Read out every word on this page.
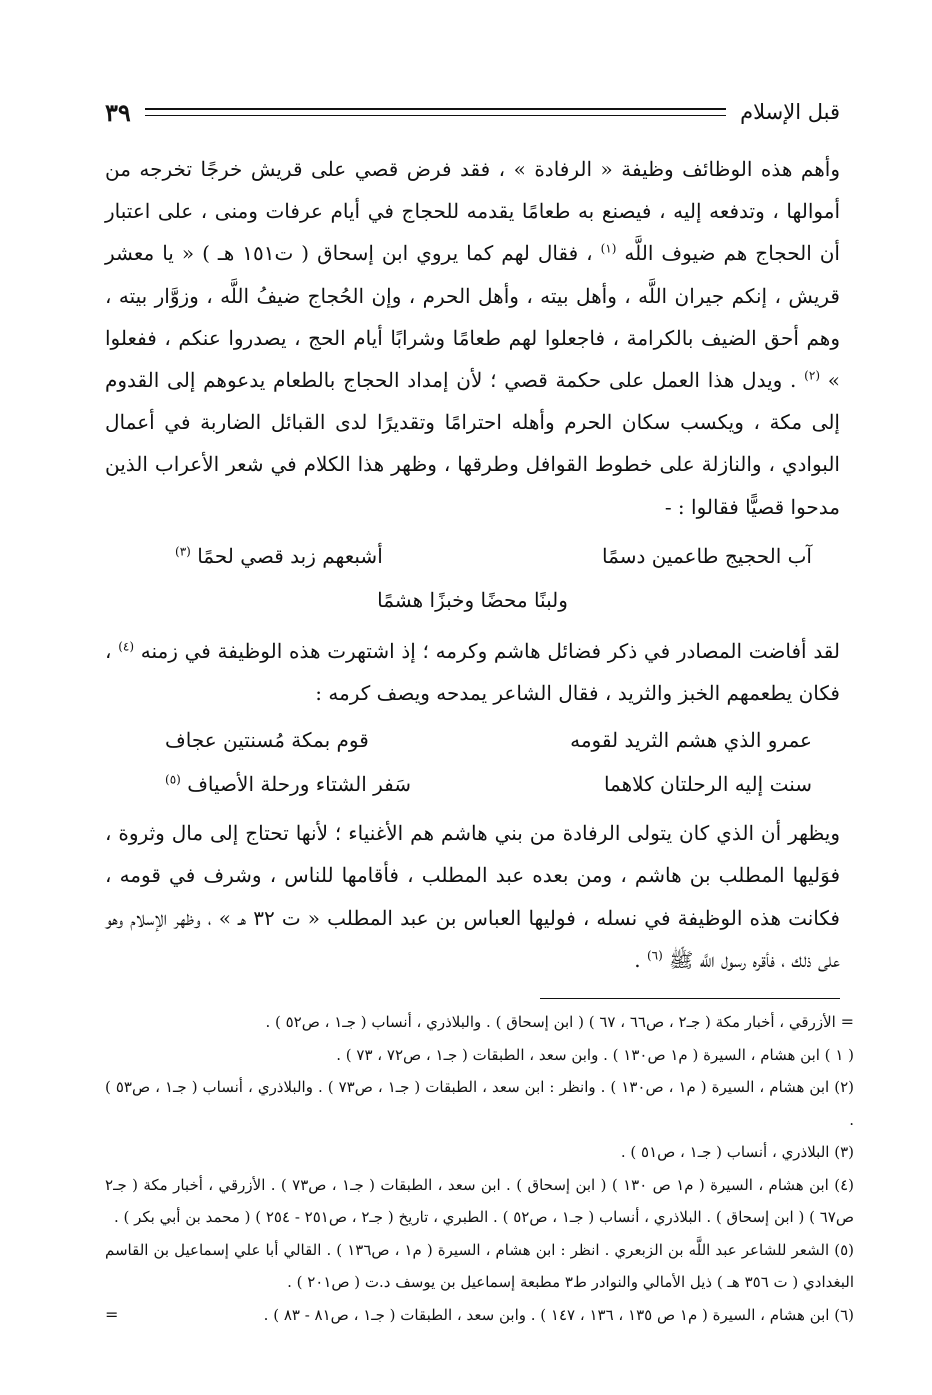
قبل الإسلام
٣٩

وأهم هذه الوظائف وظيفة « الرفادة » ، فقد فرض قصي على قريش خرجًا تخرجه من أموالها ، وتدفعه إليه ، فيصنع به طعامًا يقدمه للحجاج في أيام عرفات ومنى ، على اعتبار أن الحجاج هم ضيوف اللَّه $^{(١)}$ ، فقال لهم كما يروي ابن إسحاق ( ت١٥١ هـ ) « يا معشر قريش ، إنكم جيران اللَّه ، وأهل بيته ، وأهل الحرم ، وإن الحُجاج ضيفُ اللَّه ، وزوَّار بيته ، وهم أحق الضيف بالكرامة ، فاجعلوا لهم طعامًا وشرابًا أيام الحج ، يصدروا عنكم ، ففعلوا » $^{(٢)}$ . ويدل هذا العمل على حكمة قصي ؛ لأن إمداد الحجاج بالطعام يدعوهم إلى القدوم إلى مكة ، ويكسب سكان الحرم وأهله احترامًا وتقديرًا لدى القبائل الضاربة في أعمال البوادي ، والنازلة على خطوط القوافل وطرقها ، وظهر هذا الكلام في شعر الأعراب الذين مدحوا قصيًّا فقالوا : -

آب الحجيج طاعمين دسمًا
أشبعهم زبد قصي لحمًا $^{(٣)}$
ولبنًا محضًا وخبزًا هشمًا

لقد أفاضت المصادر في ذكر فضائل هاشم وكرمه ؛ إذ اشتهرت هذه الوظيفة في زمنه $^{(٤)}$ ، فكان يطعمهم الخبز والثريد ، فقال الشاعر يمدحه ويصف كرمه :

عمرو الذي هشم الثريد لقومه
قوم بمكة مُسنتين عجاف
سنت إليه الرحلتان كلاهما
سَفر الشتاء ورحلة الأصياف $^{(٥)}$

ويظهر أن الذي كان يتولى الرفادة من بني هاشم هم الأغنياء ؛ لأنها تحتاج إلى مال وثروة ، فوَليها المطلب بن هاشم ، ومن بعده عبد المطلب ، فأقامها للناس ، وشرف في قومه ، فكانت هذه الوظيفة في نسله ، فوليها العباس بن عبد المطلب « ت ٣٢ هـ » ، وظهر الإسلام وهو على ذلك ، فأقره رسول اللَّه ﷺ $^{(٦)}$ .

= الأزرقي ، أخبار مكة ( جـ٢ ، ص٦٦ ، ٦٧ ) ( ابن إسحاق ) . والبلاذري ، أنساب ( جـ١ ، ص٥٢ ) .

( ١ ) ابن هشام ، السيرة ( م١ ص١٣٠ ) . وابن سعد ، الطبقات ( جـ١ ، ص٧٢ ، ٧٣ ) .

(٢) ابن هشام ، السيرة ( م١ ، ص١٣٠ ) . وانظر : ابن سعد ، الطبقات ( جـ١ ، ص٧٣ ) . والبلاذري ، أنساب ( جـ١ ، ص٥٣ ) .

(٣) البلاذري ، أنساب ( جـ١ ، ص٥١ ) .

(٤) ابن هشام ، السيرة ( م١ ص ١٣٠ ) ( ابن إسحاق ) . ابن سعد ، الطبقات ( جـ١ ، ص٧٣ ) . الأزرقي ، أخبار مكة ( جـ٢ ص٦٧ ) ( ابن إسحاق ) . البلاذري ، أنساب ( جـ١ ، ص٥٢ ) . الطبري ، تاريخ ( جـ٢ ، ص٢٥١ - ٢٥٤ ) ( محمد بن أبي بكر ) .

(٥) الشعر للشاعر عبد اللَّه بن الزبعري . انظر : ابن هشام ، السيرة ( م١ ، ص١٣٦ ) . القالي أبا علي إسماعيل بن القاسم البغدادي ( ت ٣٥٦ هـ ) ذيل الأمالي والنوادر ط٣ مطبعة إسماعيل بن يوسف د.ت ( ص٢٠١ ) .

(٦) ابن هشام ، السيرة ( م١ ص ١٣٥ ، ١٣٦ ، ١٤٧ ) . وابن سعد ، الطبقات ( جـ١ ، ص٨١ - ٨٣ ) .
=
